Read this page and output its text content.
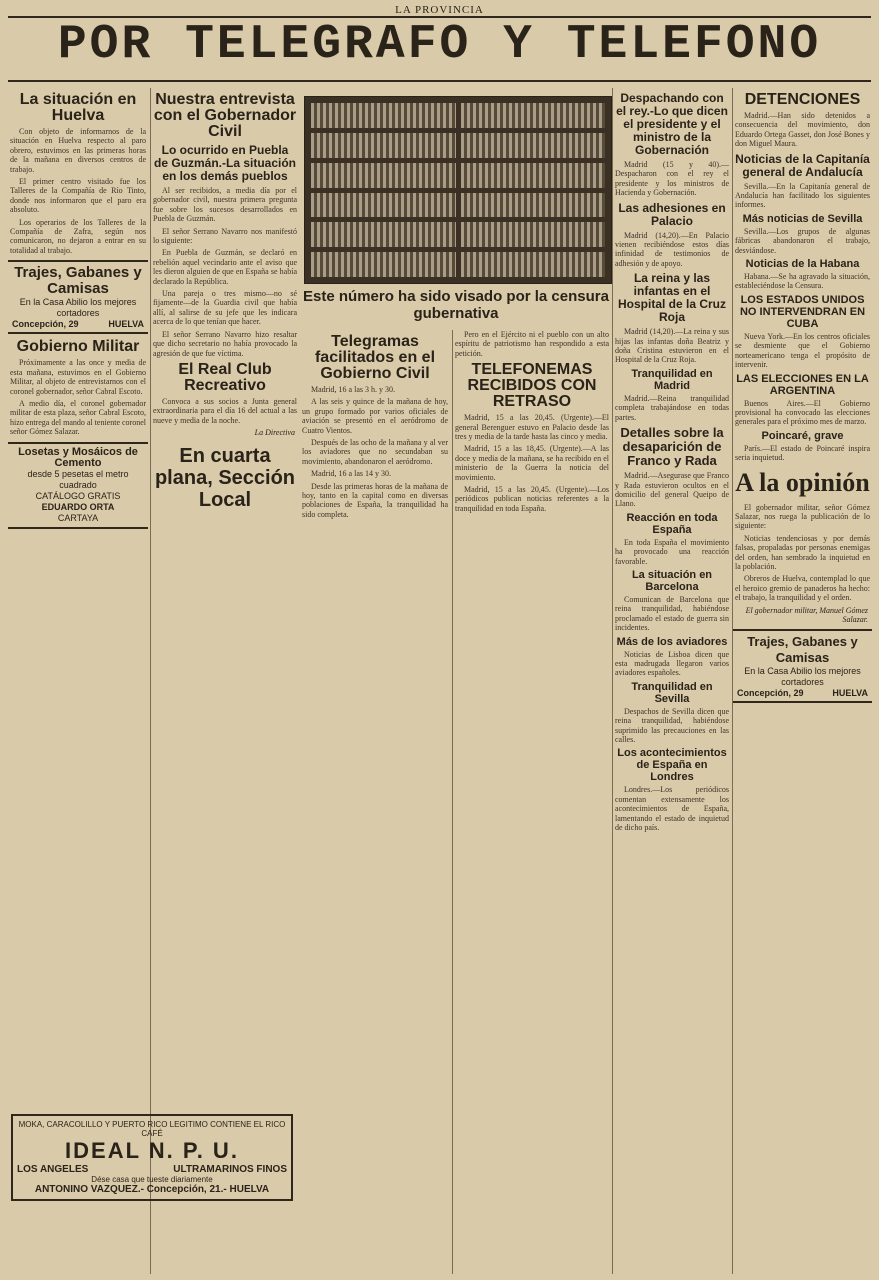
LA PROVINCIA
POR TELEGRAFO Y TELEFONO
La situación en Huelva

Con objeto de informarnos de la situación en Huelva respecto al paro obrero, estuvimos en las primeras horas de la mañana en diversos centros de trabajo.

El primer centro visitado fue los Talleres de la Compañía de Río Tinto, donde nos informaron que el paro era absoluto.

Los operarios de los Talleres de la Compañía de Zafra, según nos comunicaron, no dejaron a entrar en su totalidad al trabajo.

Trajes, Gabanes y Camisas
En la Casa Abilio los mejores cortadores
Concepción, 29	HUELVA
Gobierno Militar

Próximamente a las once y media de esta mañana, estuvimos en el Gobierno Militar, al objeto de entrevistarnos con el coronel gobernador, señor Cabral Escoto.

A medio día, el coronel gobernador militar de esta plaza, señor Cabral Escoto, hizo entrega del mando al teniente coronel señor Gómez Salazar.

Losetas y Mosáicos de Cemento
desde 5 pesetas el metro cuadrado
CATÁLOGO GRATIS
EDUARDO ORTA
CARTAYA
Nuestra entrevista con el Gobernador Civil
Lo ocurrido en Puebla de Guzmán.-La situación en los demás pueblos

Al ser recibidos, a media día por el gobernador civil, nuestra primera pregunta fue sobre los sucesos desarrollados en Puebla de Guzmán.

El señor Serrano Navarro nos manifestó lo siguiente:

En Puebla de Guzmán, se declaró en rebelión aquel vecindario ante el aviso que les dieron alguien de que en España se había declarado la República.

Una pareja o tres mismo—no sé fijamente—de la Guardia civil que había allí, al salirse de su jefe que les indicara acerca de lo que tenían que hacer.

El señor Serrano Navarro hizo resaltar que dicho secretario no había provocado la agresión de que fue víctima.

El Real Club Recreativo

Convoca a sus socios a Junta general extraordinaria para el día 16 del actual a las nueve y media de la noche.

La Directiva
En cuarta plana, Sección Local
Este número ha sido visado por la censura gubernativa
Telegramas facilitados en el Gobierno Civil

Madrid, 16 a las 3 h. y 30.

A las seis y quince de la mañana de hoy, un grupo formado por varios oficiales de aviación se presentó en el aeródromo de Cuatro Vientos.

Después de las ocho de la mañana y al ver los aviadores que no secundaban su movimiento, abandonaron el aeródromo.

Madrid, 16 a las 14 y 30.

Desde las primeras horas de la mañana de hoy, tanto en la capital como en diversas poblaciones de España, la tranquilidad ha sido completa.

Pero en el Ejército ni el pueblo con un alto espíritu de patriotismo han respondido a esta petición.

TELEFONEMAS RECIBIDOS CON RETRASO

Madrid, 15 a las 20,45. (Urgente).—El general Berenguer estuvo en Palacio desde las tres y media de la tarde hasta las cinco y media.

Madrid, 15 a las 18,45. (Urgente).—A las doce y media de la mañana, se ha recibido en el ministerio de la Guerra la noticia del movimiento.

Madrid, 15 a las 20,45. (Urgente).—Los periódicos publican noticias referentes a la tranquilidad en toda España.

Despachando con el rey.-Lo que dicen el presidente y el ministro de la Gobernación

Madrid (15 y 40).—Despacharon con el rey el presidente y los ministros de Hacienda y Gobernación.

Las adhesiones en Palacio

Madrid (14,20).—En Palacio vienen recibiéndose estos días infinidad de testimonios de adhesión y de apoyo.

La reina y las infantas en el Hospital de la Cruz Roja

Madrid (14,20).—La reina y sus hijas las infantas doña Beatriz y doña Cristina estuvieron en el Hospital de la Cruz Roja.

Tranquilidad en Madrid

Madrid.—Reina tranquilidad completa trabajándose en todas partes.

Detalles sobre la desaparición de Franco y Rada

Madrid.—Asegurase que Franco y Rada estuvieron ocultos en el domicilio del general Queipo de Llano.

Reacción en toda España

En toda España el movimiento ha provocado una reacción favorable.

La situación en Barcelona

Comunican de Barcelona que reina tranquilidad, habiéndose proclamado el estado de guerra sin incidentes.

Más de los aviadores

Noticias de Lisboa dicen que esta madrugada llegaron varios aviadores españoles.

Tranquilidad en Sevilla

Despachos de Sevilla dicen que reina tranquilidad, habiéndose suprimido las precauciones en las calles.

Los acontecimientos de España en Londres

Londres.—Los periódicos comentan extensamente los acontecimientos de España, lamentando el estado de inquietud de dicho país.

DETENCIONES

Madrid.—Han sido detenidos a consecuencia del movimiento, don Eduardo Ortega Gasset, don José Bones y don Miguel Maura.

Noticias de la Capitanía general de Andalucía

Sevilla.—En la Capitanía general de Andalucía han facilitado los siguientes informes.

Más noticias de Sevilla

Sevilla.—Los grupos de algunas fábricas abandonaron el trabajo, desviándose.

Noticias de la Habana

Habana.—Se ha agravado la situación, estableciéndose la Censura.

LOS ESTADOS UNIDOS NO INTERVENDRAN EN CUBA

Nueva York.—En los centros oficiales se desmiente que el Gobierno norteamericano tenga el propósito de intervenir.

LAS ELECCIONES EN LA ARGENTINA

Buenos Aires.—El Gobierno provisional ha convocado las elecciones generales para el próximo mes de marzo.

Poincaré, grave

París.—El estado de Poincaré inspira seria inquietud.

A la opinión

El gobernador militar, señor Gómez Salazar, nos ruega la publicación de lo siguiente:

Noticias tendenciosas y por demás falsas, propaladas por personas enemigas del orden, han sembrado la inquietud en la población.

Obreros de Huelva, contemplad lo que el heroico gremio de panaderos ha hecho: el trabajo, la tranquilidad y el orden.

El gobernador militar, Manuel Gómez Salazar.
Trajes, Gabanes y Camisas
En la Casa Abilio los mejores cortadores
Concepción, 29	HUELVA
MOKA, CARACOLILLO Y PUERTO RICO LEGITIMO CONTIENE EL RICO CAFÉ
IDEAL N. P. U.
LOS ANGELES	ULTRAMARINOS FINOS
Dése casa que tueste diariamente
ANTONINO VAZQUEZ.- Concepción, 21.- HUELVA
